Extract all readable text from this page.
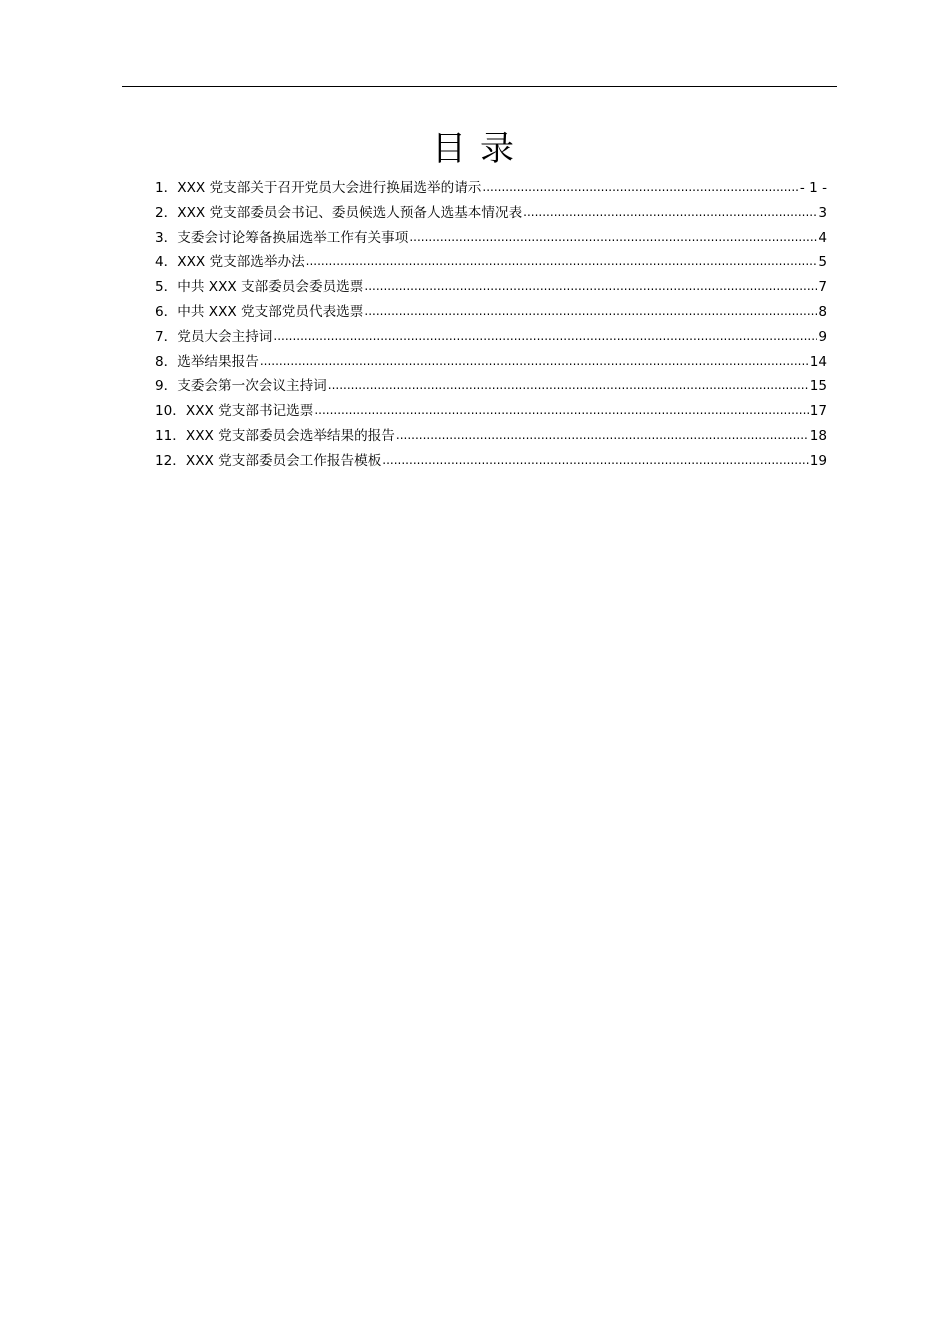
目录
1． XXX 党支部关于召开党员大会进行换届选举的请示 .....	- 1 -
2． XXX 党支部委员会书记、委员候选人预备人选基本情况表 .....	3
3． 支委会讨论筹备换届选举工作有关事项 .....	4
4． XXX 党支部选举办法 .....	5
5． 中共 XXX 支部委员会委员选票 .....	7
6． 中共 XXX 党支部党员代表选票 .....	8
7． 党员大会主持词 .....	9
8． 选举结果报告 .....	14
9． 支委会第一次会议主持词 .....	15
10． XXX 党支部书记选票 .....	17
11． XXX 党支部委员会选举结果的报告 .....	18
12． XXX 党支部委员会工作报告模板 .....	19
